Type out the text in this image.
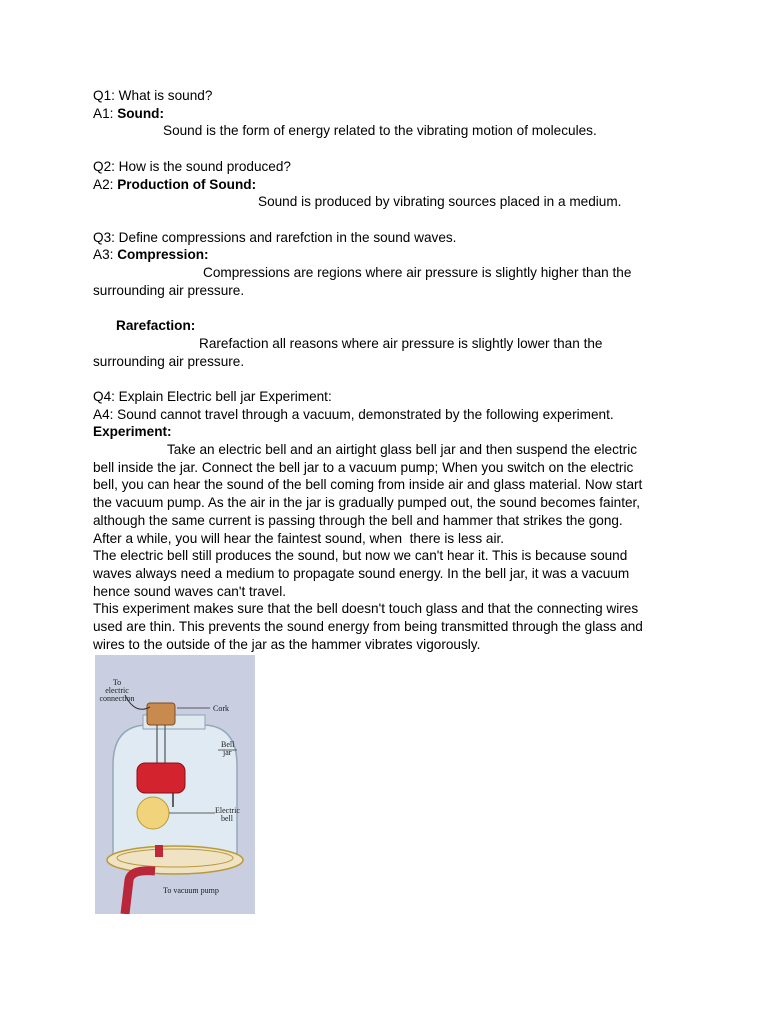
Q1: What is sound?
A1: Sound:
Sound is the form of energy related to the vibrating motion of molecules.
Q2: How is the sound produced?
A2: Production of Sound:
Sound is produced by vibrating sources placed in a medium.
Q3: Define compressions and rarefction in the sound waves.
A3: Compression:
Compressions are regions where air pressure is slightly higher than the
surrounding air pressure.
Rarefaction:
Rarefaction all reasons where air pressure is slightly lower than the
surrounding air pressure.
Q4: Explain Electric bell jar Experiment:
A4: Sound cannot travel through a vacuum, demonstrated by the following experiment.
Experiment:
Take an electric bell and an airtight glass bell jar and then suspend the electric
bell inside the jar. Connect the bell jar to a vacuum pump; When you switch on the electric
bell, you can hear the sound of the bell coming from inside air and glass material. Now start
the vacuum pump. As the air in the jar is gradually pumped out, the sound becomes fainter,
although the same current is passing through the bell and hammer that strikes the gong.
After a while, you will hear the faintest sound, when  there is less air.
The electric bell still produces the sound, but now we can't hear it. This is because sound
waves always need a medium to propagate sound energy. In the bell jar, it was a vacuum
hence sound waves can't travel.
This experiment makes sure that the bell doesn't touch glass and that the connecting wires
used are thin. This prevents the sound energy from being transmitted through the glass and
wires to the outside of the jar as the hammer vibrates vigorously.
To
electric
connection
Cork
Bell
jar
Electric
bell
To vacuum pump
